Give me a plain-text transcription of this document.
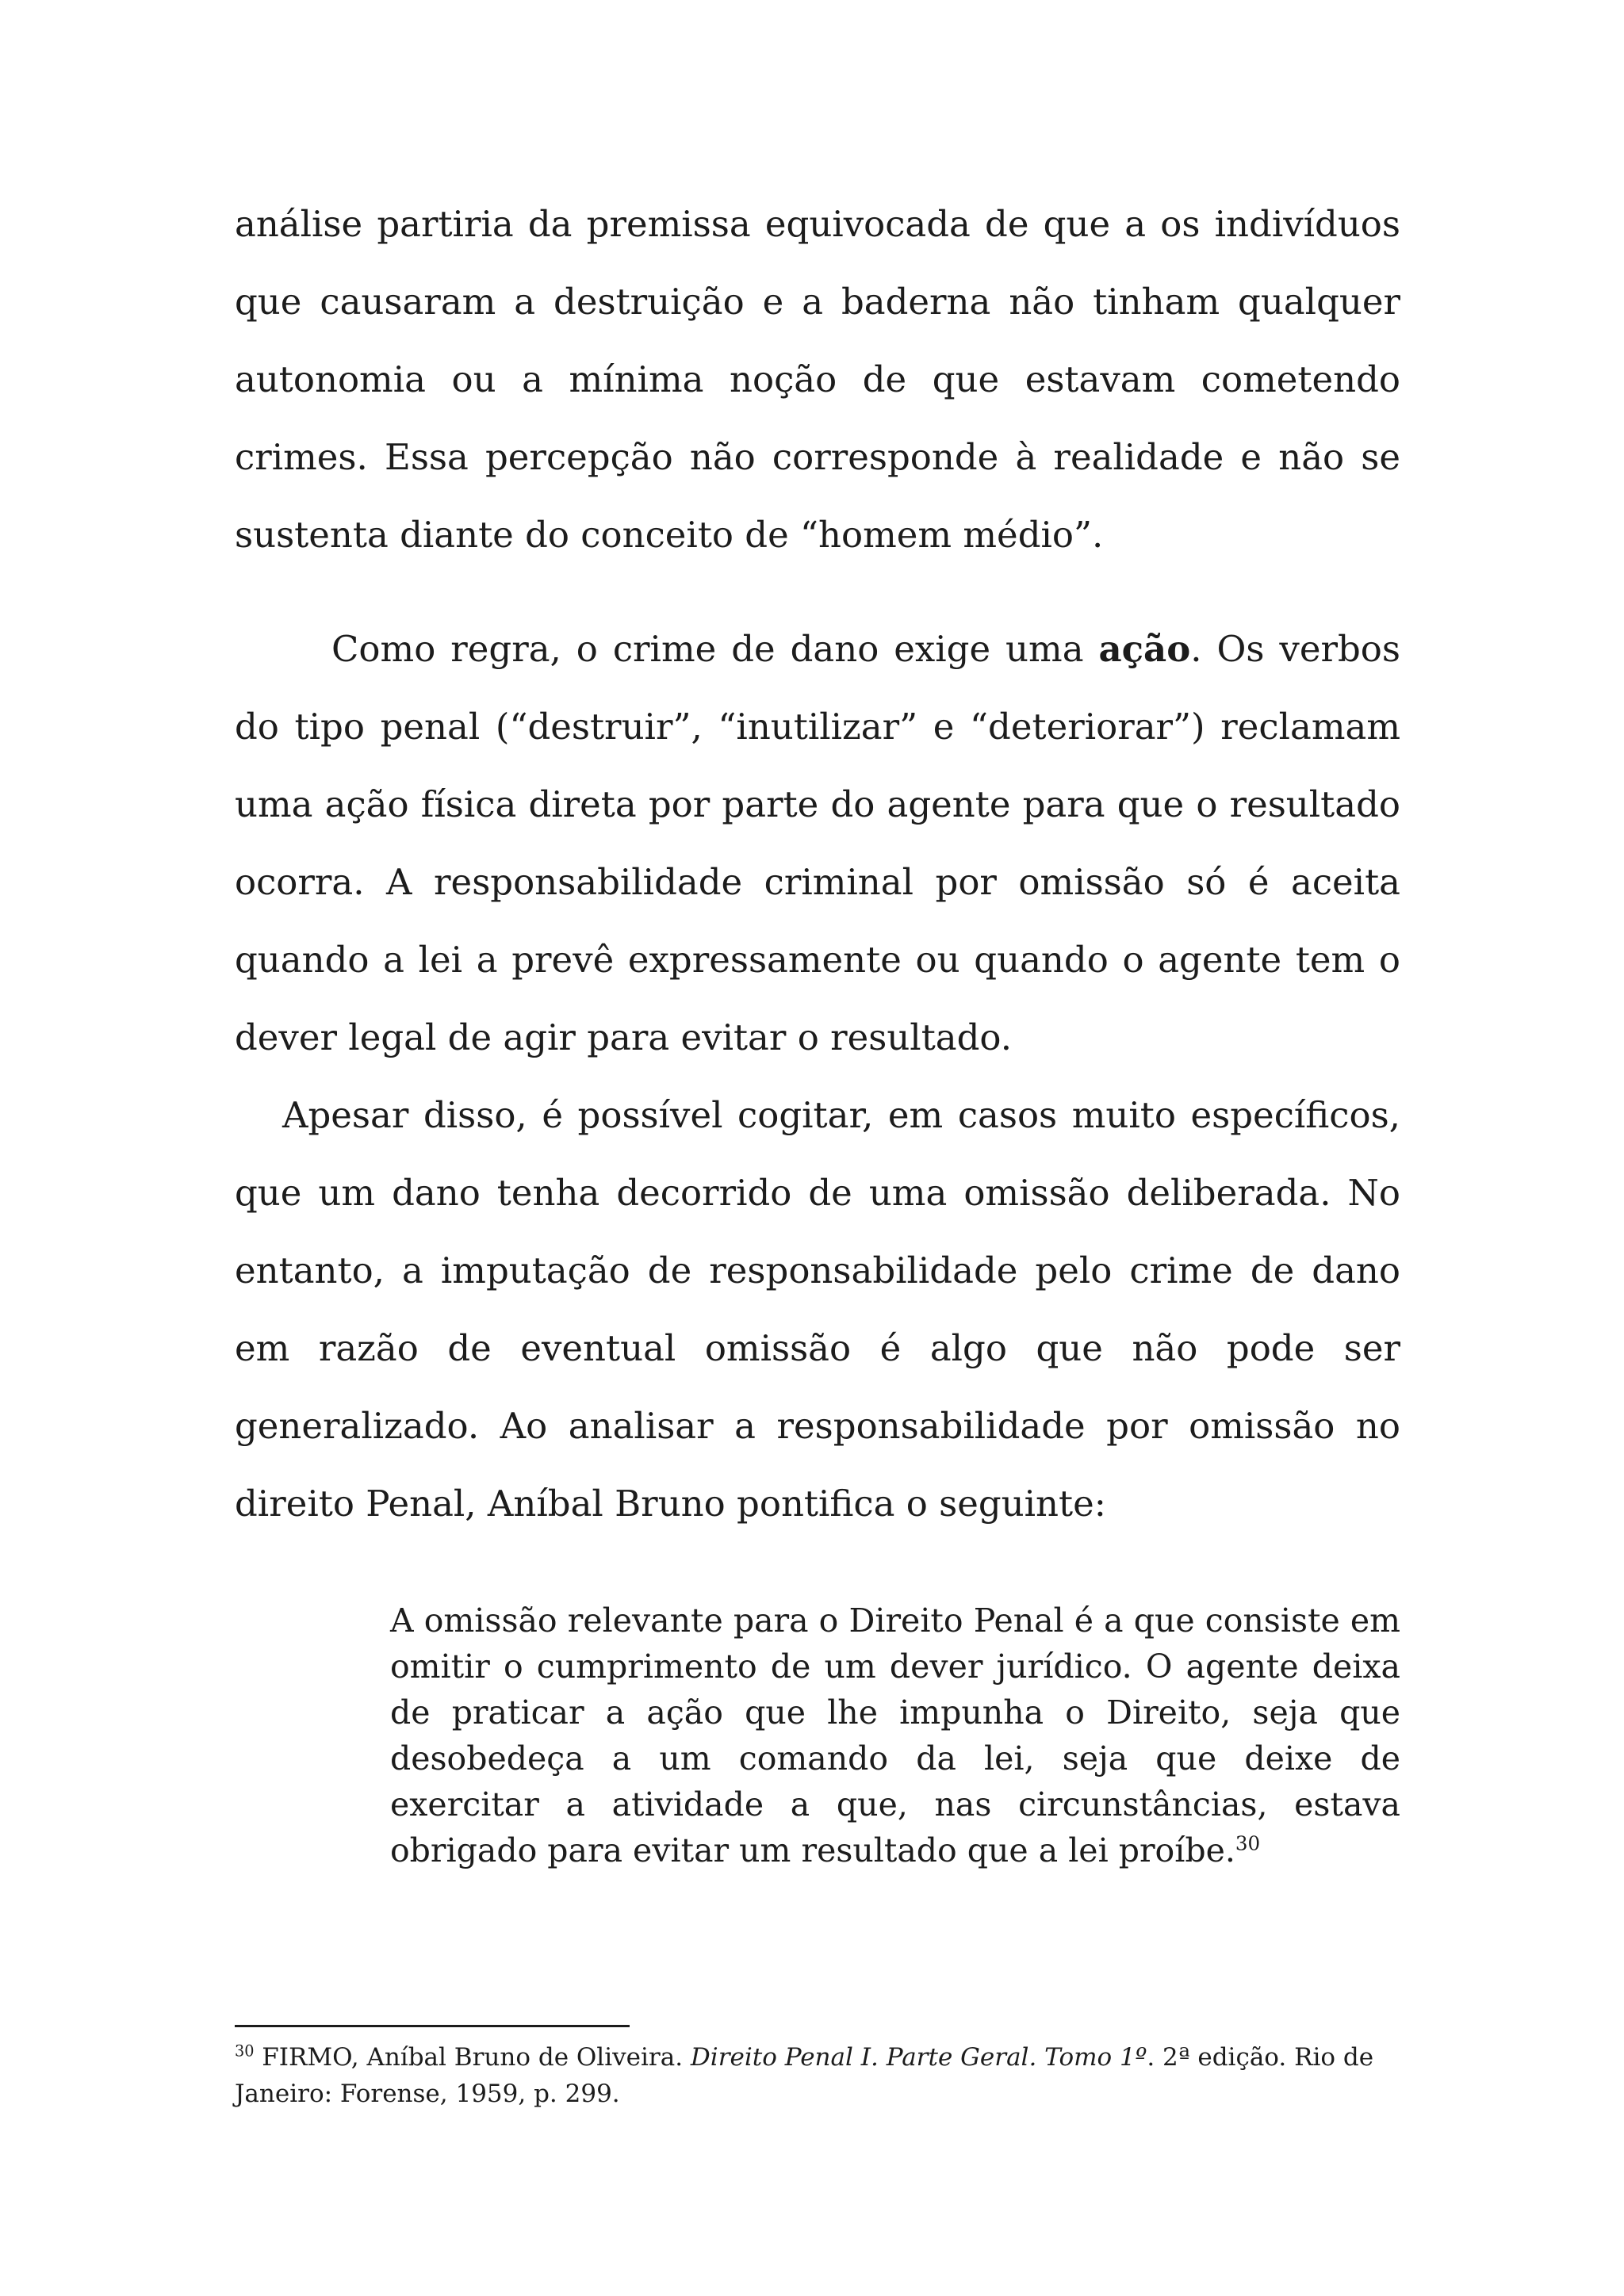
análise partiria da premissa equivocada de que a os indivíduos que causaram a destruição e a baderna não tinham qualquer autonomia ou a mínima noção de que estavam cometendo crimes. Essa percepção não corresponde à realidade e não se sustenta diante do conceito de “homem médio”.

Como regra, o crime de dano exige uma ação. Os verbos do tipo penal (“destruir”, “inutilizar” e “deteriorar”) reclamam uma ação física direta por parte do agente para que o resultado ocorra. A responsabilidade criminal por omissão só é aceita quando a lei a prevê expressamente ou quando o agente tem o dever legal de agir para evitar o resultado.

Apesar disso, é possível cogitar, em casos muito específicos, que um dano tenha decorrido de uma omissão deliberada. No entanto, a imputação de responsabilidade pelo crime de dano em razão de eventual omissão é algo que não pode ser generalizado. Ao analisar a responsabilidade por omissão no direito Penal, Aníbal Bruno pontifica o seguinte:

A omissão relevante para o Direito Penal é a que consiste em omitir o cumprimento de um dever jurídico. O agente deixa de praticar a ação que lhe impunha o Direito, seja que desobedeça a um comando da lei, seja que deixe de exercitar a atividade a que, nas circunstâncias, estava obrigado para evitar um resultado que a lei proíbe.$^{30}$

$^{30}$ FIRMO, Aníbal Bruno de Oliveira. Direito Penal I. Parte Geral. Tomo 1º. 2ª edição. Rio de Janeiro: Forense, 1959, p. 299.
